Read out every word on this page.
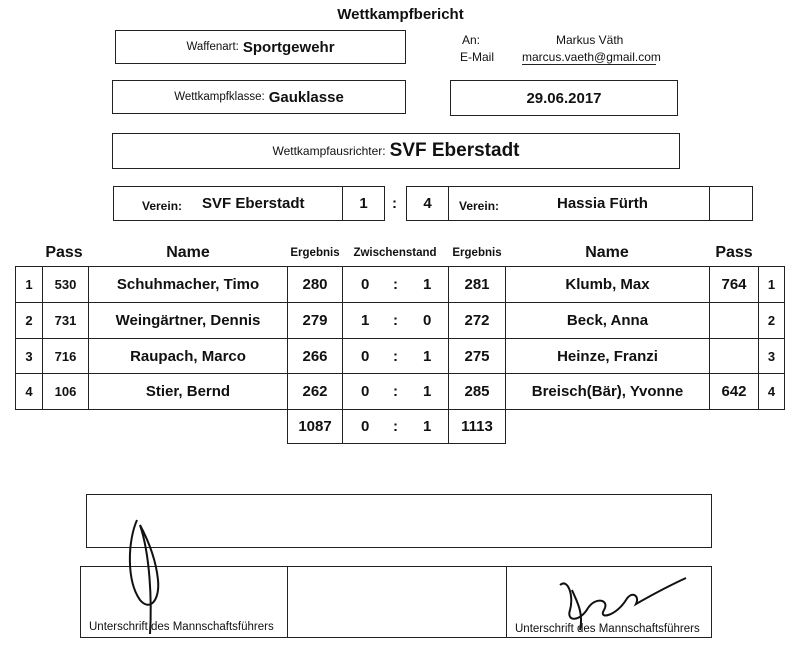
Wettkampfbericht
Waffenart: Sportgewehr	An:	Markus Väth
E-Mail marcus.vaeth@gmail.com
Wettkampfklasse: Gauklasse	29.06.2017
Wettkampfausrichter: SVF Eberstadt
Verein: SVF Eberstadt	1 : 4 Verein:	Hassia Fürth
Pass	Name	Ergebnis	Zwischenstand	Ergebnis	Name	Pass
1 530	Schuhmacher, Timo	280 0 : 1 281	Klumb, Max	764 1
2 731	Weingärtner, Dennis	279 1 : 0 272	Beck, Anna	2
3 716	Raupach, Marco	266 0 : 1 275	Heinze, Franzi	3
4 106	Stier, Bernd	262 0 : 1 285	Breisch(Bär), Yvonne	642 4
1087 0 : 1 1113
Unterschrift des Mannschaftsführers	Unterschrift des Mannschaftsführers
